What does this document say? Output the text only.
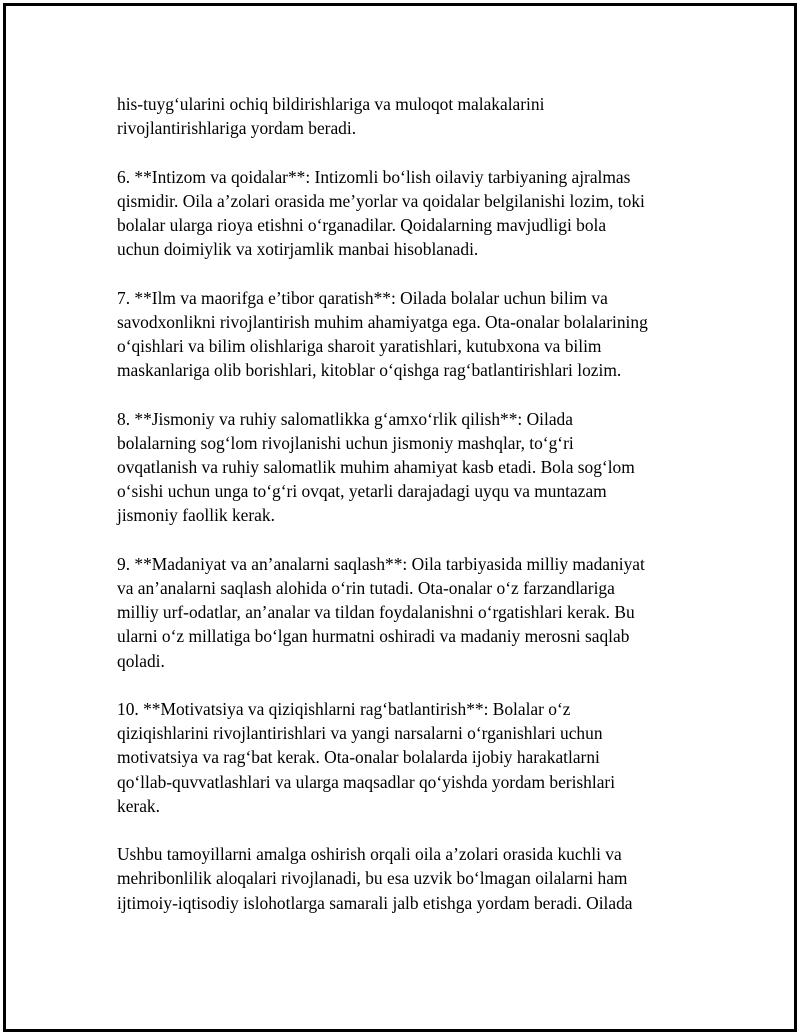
his-tuyg‘ularini ochiq bildirishlariga va muloqot malakalarini
rivojlantirishlariga yordam beradi.

6. **Intizom va qoidalar**: Intizomli bo‘lish oilaviy tarbiyaning ajralmas
qismidir. Oila a’zolari orasida me’yorlar va qoidalar belgilanishi lozim, toki
bolalar ularga rioya etishni o‘rganadilar. Qoidalarning mavjudligi bola
uchun doimiylik va xotirjamlik manbai hisoblanadi.

7. **Ilm va maorifga e’tibor qaratish**: Oilada bolalar uchun bilim va
savodxonlikni rivojlantirish muhim ahamiyatga ega. Ota-onalar bolalarining
o‘qishlari va bilim olishlariga sharoit yaratishlari, kutubxona va bilim
maskanlariga olib borishlari, kitoblar o‘qishga rag‘batlantirishlari lozim.

8. **Jismoniy va ruhiy salomatlikka g‘amxo‘rlik qilish**: Oilada
bolalarning sog‘lom rivojlanishi uchun jismoniy mashqlar, to‘g‘ri
ovqatlanish va ruhiy salomatlik muhim ahamiyat kasb etadi. Bola sog‘lom
o‘sishi uchun unga to‘g‘ri ovqat, yetarli darajadagi uyqu va muntazam
jismoniy faollik kerak.

9. **Madaniyat va an’analarni saqlash**: Oila tarbiyasida milliy madaniyat
va an’analarni saqlash alohida o‘rin tutadi. Ota-onalar o‘z farzandlariga
milliy urf-odatlar, an’analar va tildan foydalanishni o‘rgatishlari kerak. Bu
ularni o‘z millatiga bo‘lgan hurmatni oshiradi va madaniy merosni saqlab
qoladi.

10. **Motivatsiya va qiziqishlarni rag‘batlantirish**: Bolalar o‘z
qiziqishlarini rivojlantirishlari va yangi narsalarni o‘rganishlari uchun
motivatsiya va rag‘bat kerak. Ota-onalar bolalarda ijobiy harakatlarni
qo‘llab-quvvatlashlari va ularga maqsadlar qo‘yishda yordam berishlari
kerak.

Ushbu tamoyillarni amalga oshirish orqali oila a’zolari orasida kuchli va
mehribonlilik aloqalari rivojlanadi, bu esa uzvik bo‘lmagan oilalarni ham
ijtimoiy-iqtisodiy islohotlarga samarali jalb etishga yordam beradi. Oilada
